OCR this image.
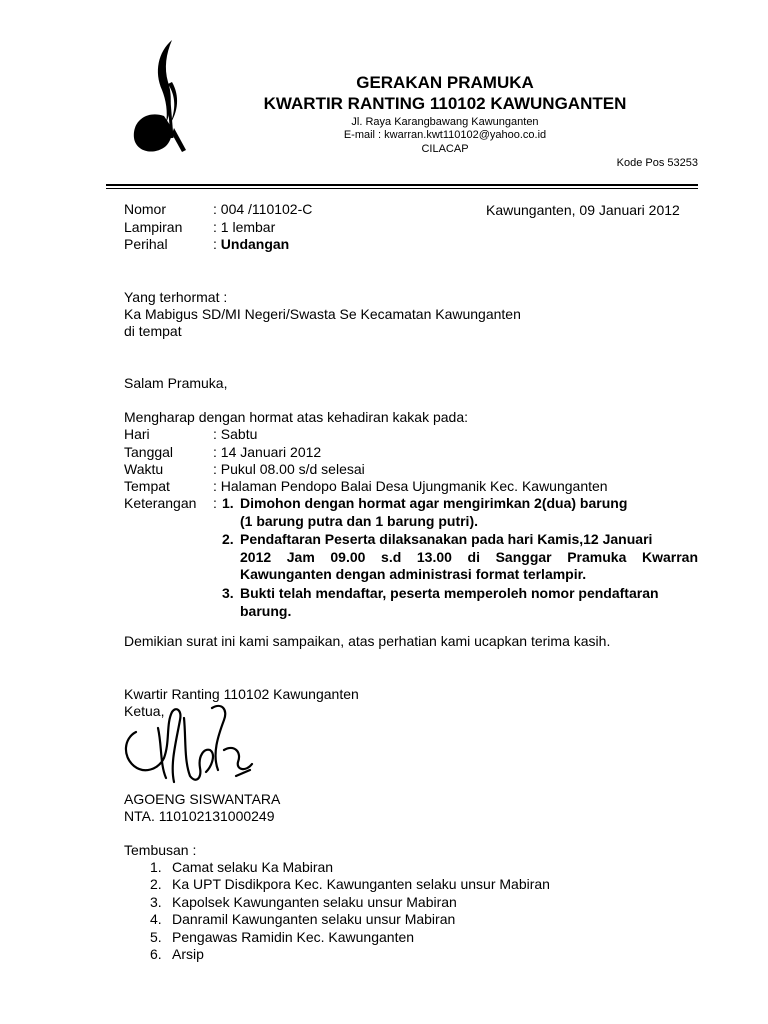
GERAKAN PRAMUKA
KWARTIR RANTING 110102 KAWUNGANTEN
Jl. Raya Karangbawang Kawunganten
E-mail : kwarran.kwt110102@yahoo.co.id
CILACAP
Kode Pos 53253
Nomor	: 004 /110102-C	Kawunganten, 09 Januari 2012
Lampiran : 1 lembar
Perihal	: Undangan
Yang terhormat :
Ka Mabigus SD/MI Negeri/Swasta Se Kecamatan Kawunganten
di tempat
Salam Pramuka,
Mengharap dengan hormat atas kehadiran kakak pada:
Hari	: Sabtu
Tanggal	: 14 Januari 2012
Waktu	: Pukul 08.00 s/d selesai
Tempat	: Halaman Pendopo Balai Desa Ujungmanik Kec. Kawunganten
Keterangan : 1. Dimohon dengan hormat agar mengirimkan 2(dua) barung
(1 barung putra dan 1 barung putri).
2. Pendaftaran Peserta dilaksanakan pada hari Kamis,12 Januari
2012 Jam 09.00 s.d 13.00 di Sanggar Pramuka Kwarran Kawunganten dengan administrasi format terlampir.
3. Bukti telah mendaftar, peserta memperoleh nomor pendaftaran
barung.
Demikian surat ini kami sampaikan, atas perhatian kami ucapkan terima kasih.
Kwartir Ranting 110102 Kawunganten
Ketua,
AGOENG SISWANTARA
NTA. 110102131000249
Tembusan :
1. Camat selaku Ka Mabiran
2. Ka UPT Disdikpora Kec. Kawunganten selaku unsur Mabiran
3. Kapolsek Kawunganten selaku unsur Mabiran
4. Danramil Kawunganten selaku unsur Mabiran
5. Pengawas Ramidin Kec. Kawunganten
6. Arsip
